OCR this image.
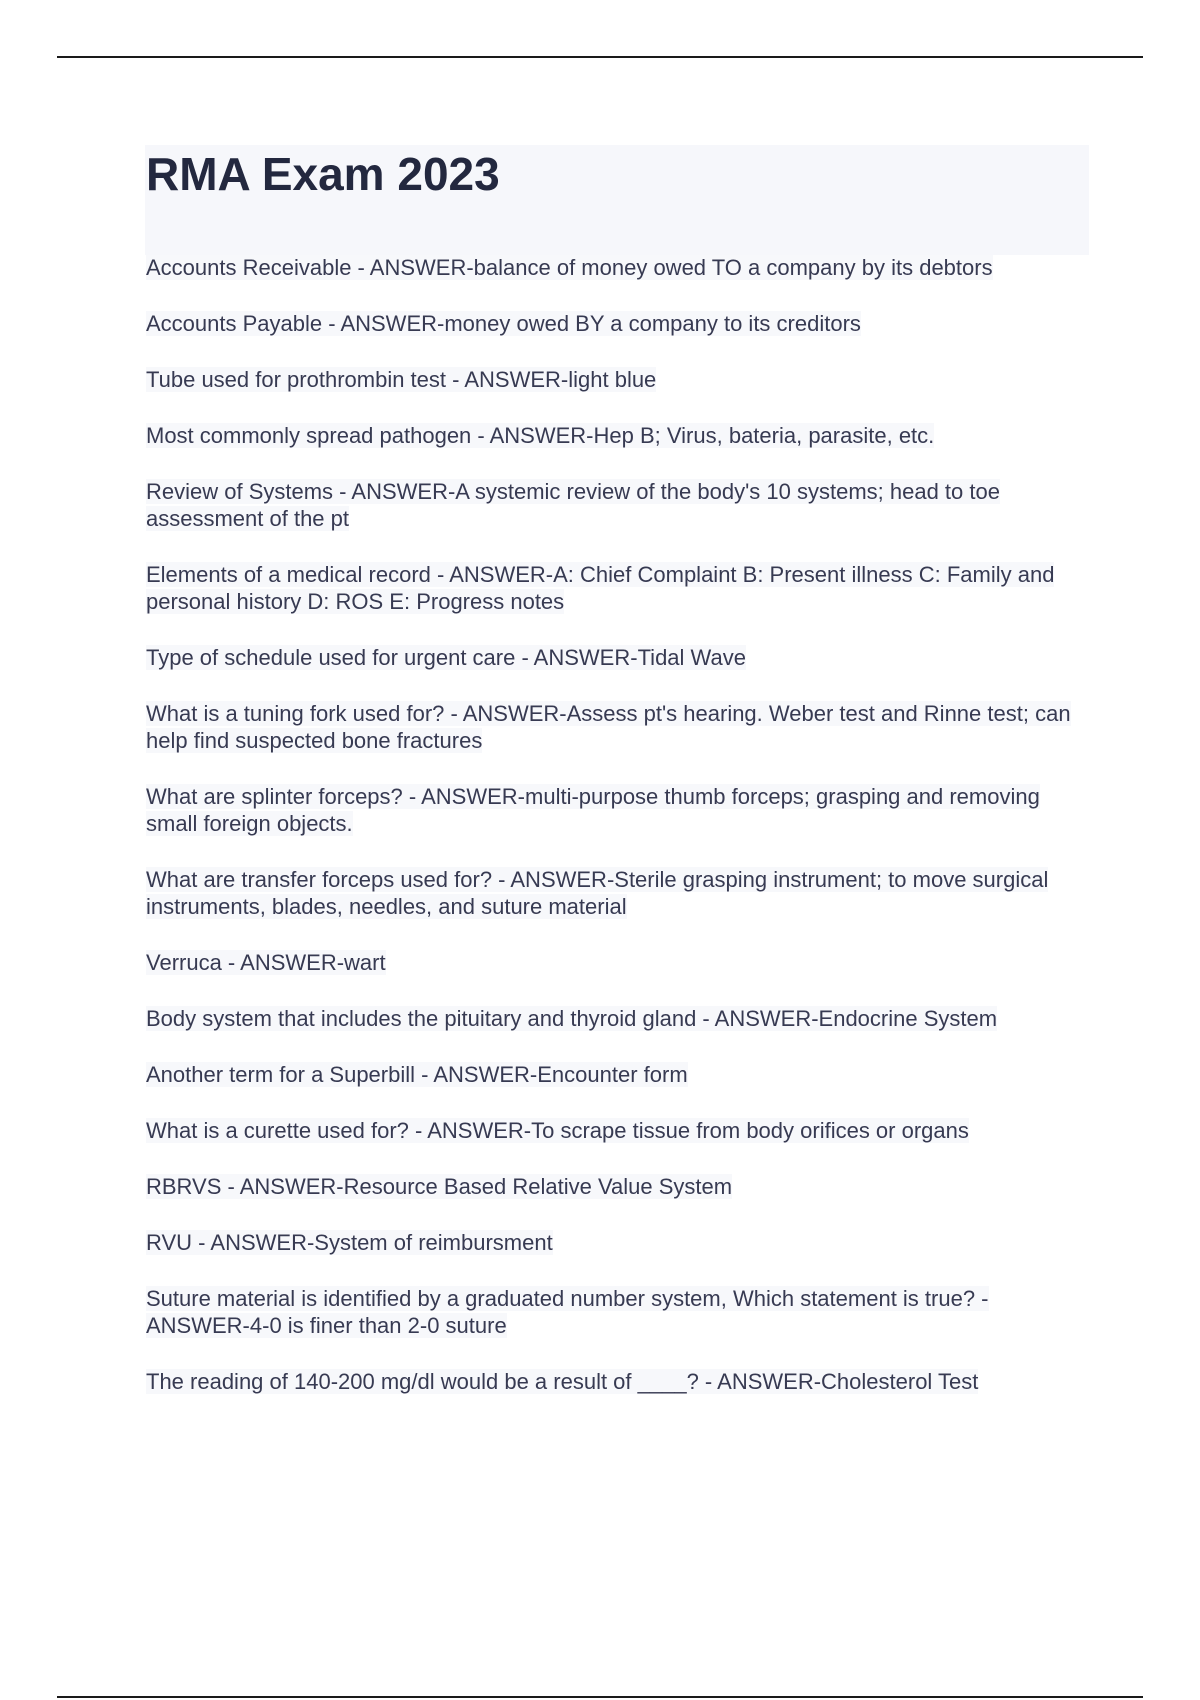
RMA Exam 2023
Accounts Receivable - ANSWER-balance of money owed TO a company by its debtors
Accounts Payable - ANSWER-money owed BY a company to its creditors
Tube used for prothrombin test - ANSWER-light blue
Most commonly spread pathogen - ANSWER-Hep B; Virus, bateria, parasite, etc.
Review of Systems - ANSWER-A systemic review of the body's 10 systems; head to toe assessment of the pt
Elements of a medical record - ANSWER-A: Chief Complaint B: Present illness C: Family and personal history D: ROS E: Progress notes
Type of schedule used for urgent care - ANSWER-Tidal Wave
What is a tuning fork used for? - ANSWER-Assess pt's hearing. Weber test and Rinne test; can help find suspected bone fractures
What are splinter forceps? - ANSWER-multi-purpose thumb forceps; grasping and removing small foreign objects.
What are transfer forceps used for? - ANSWER-Sterile grasping instrument; to move surgical instruments, blades, needles, and suture material
Verruca - ANSWER-wart
Body system that includes the pituitary and thyroid gland - ANSWER-Endocrine System
Another term for a Superbill - ANSWER-Encounter form
What is a curette used for? - ANSWER-To scrape tissue from body orifices or organs
RBRVS - ANSWER-Resource Based Relative Value System
RVU - ANSWER-System of reimbursment
Suture material is identified by a graduated number system, Which statement is true? - ANSWER-4-0 is finer than 2-0 suture
The reading of 140-200 mg/dl would be a result of ____? - ANSWER-Cholesterol Test
